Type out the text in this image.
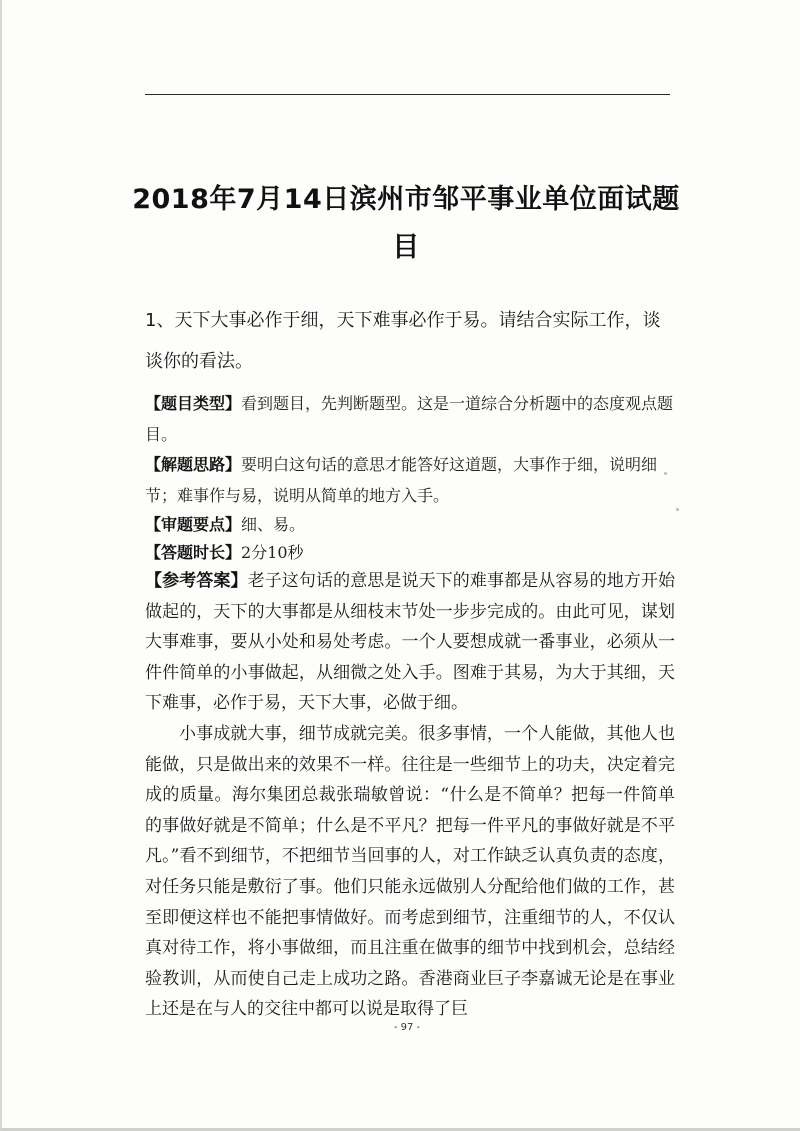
2018年7月14日滨州市邹平事业单位面试题目
1、天下大事必作于细，天下难事必作于易。请结合实际工作，谈谈你的看法。
【题目类型】看到题目，先判断题型。这是一道综合分析题中的态度观点题目。
【解题思路】要明白这句话的意思才能答好这道题，大事作于细，说明细节；难事作与易，说明从简单的地方入手。
【审题要点】细、易。
【答题时长】2分10秒

【参考答案】老子这句话的意思是说天下的难事都是从容易的地方开始做起的，天下的大事都是从细枝末节处一步步完成的。由此可见，谋划大事难事，要从小处和易处考虑。一个人要想成就一番事业，必须从一件件简单的小事做起，从细微之处入手。图难于其易，为大于其细，天下难事，必作于易，天下大事，必做于细。

小事成就大事，细节成就完美。很多事情，一个人能做，其他人也能做，只是做出来的效果不一样。往往是一些细节上的功夫，决定着完成的质量。海尔集团总裁张瑞敏曾说：“什么是不简单？把每一件简单的事做好就是不简单；什么是不平凡？把每一件平凡的事做好就是不平凡。”看不到细节，不把细节当回事的人，对工作缺乏认真负责的态度，对任务只能是敷衍了事。他们只能永远做别人分配给他们做的工作，甚至即便这样也不能把事情做好。而考虑到细节，注重细节的人，不仅认真对待工作，将小事做细，而且注重在做事的细节中找到机会，总结经验教训，从而使自己走上成功之路。香港商业巨子李嘉诚无论是在事业上还是在与人的交往中都可以说是取得了巨

- 97 -
